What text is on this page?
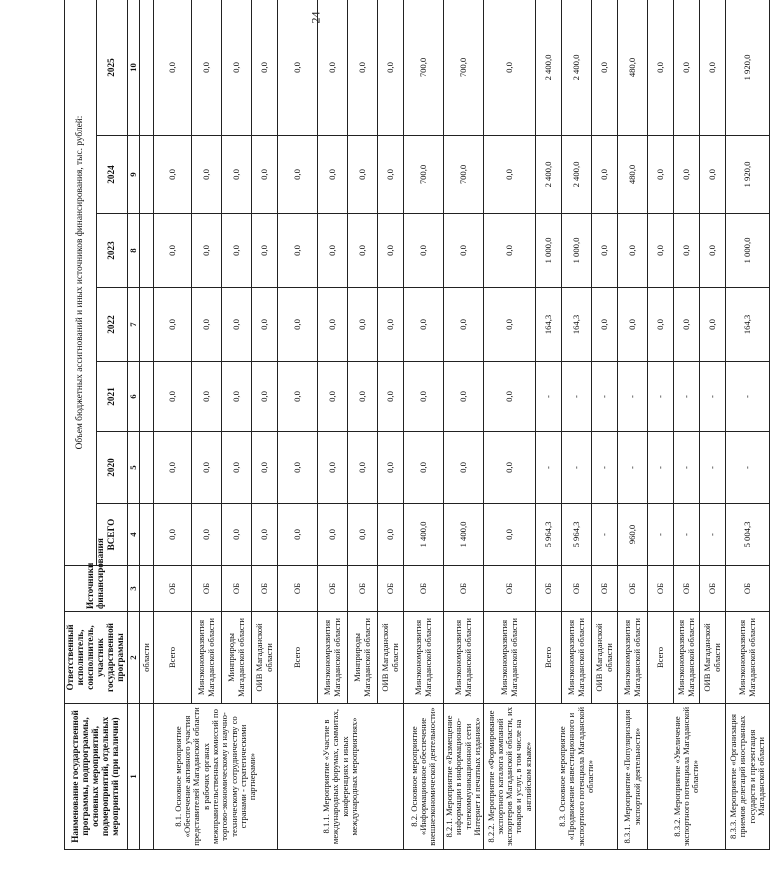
24
Наименование государственной программы, подпрограммы, основных мероприятий, подмероприятий, отдельных мероприятий (при наличии)	Ответственный исполнитель, соисполнитель, участник государственной программы	Источники финансирования	Объем бюджетных ассигнований и иных источников финансирования, тыс. рублей:						
			ВСЕГО	2020	2021	2022	2023	2024	2025
1	2	3	4	5	6	7	8	9	10
	области								
8.1. Основное мероприятие «Обеспечение активного участия представителей Магаданской области в рабочих органах межправительственных комиссий по торгово-экономическому и научно-техническому сотрудничеству со странами - стратегическими партнерами»	Всего	ОБ	0,0	0,0	0,0	0,0	0,0	0,0	0,0
	Минэкономразвития Магаданской области	ОБ	0,0	0,0	0,0	0,0	0,0	0,0	0,0
	Минприроды Магаданской области	ОБ	0,0	0,0	0,0	0,0	0,0	0,0	0,0
	ОИВ Магаданской области	ОБ	0,0	0,0	0,0	0,0	0,0	0,0	0,0
8.1.1. Мероприятие «Участие в международных форумах, саммитах, конференциях и иных международных мероприятиях»	Всего	ОБ	0,0	0,0	0,0	0,0	0,0	0,0	0,0
	Минэкономразвития Магаданской области	ОБ	0,0	0,0	0,0	0,0	0,0	0,0	0,0
	Минприроды Магаданской области	ОБ	0,0	0,0	0,0	0,0	0,0	0,0	0,0
	ОИВ Магаданской области	ОБ	0,0	0,0	0,0	0,0	0,0	0,0	0,0
8.2. Основное мероприятие «Информационное обеспечение внешнеэкономической деятельности»	Минэкономразвития Магаданской области	ОБ	1 400,0	0,0	0,0	0,0	0,0	700,0	700,0
8.2.1. Мероприятие «Размещение информации в информационно-телекоммуникационной сети Интернет и печатных изданиях»	Минэкономразвития Магаданской области	ОБ	1 400,0	0,0	0,0	0,0	0,0	700,0	700,0
8.2.2. Мероприятие «Формирование экспортного каталога компаний экспортеров Магаданской области, их товаров и услуг, в том числе на английском языке»	Минэкономразвития Магаданской области	ОБ	0,0	0,0	0,0	0,0	0,0	0,0	0,0
8.3. Основное мероприятие «Продвижение инвестиционного и экспортного потенциала Магаданской области»	Всего	ОБ	5 964,3	-	-	164,3	1 000,0	2 400,0	2 400,0
	Минэкономразвития Магаданской области	ОБ	5 964,3	-	-	164,3	1 000,0	2 400,0	2 400,0
	ОИВ Магаданской области	ОБ	-	-	-	0,0	0,0	0,0	0,0
8.3.1. Мероприятие «Популяризация экспортной деятельности»	Минэкономразвития Магаданской области	ОБ	960,0	-	-	0,0	0,0	480,0	480,0
8.3.2. Мероприятие «Увеличение экспортного потенциала Магаданской области»	Всего	ОБ	-	-	-	0,0	0,0	0,0	0,0
	Минэкономразвития Магаданской области	ОБ	-	-	-	0,0	0,0	0,0	0,0
	ОИВ Магаданской области	ОБ	-	-	-	0,0	0,0	0,0	0,0
8.3.3. Мероприятие «Организация приемов делегаций иностранных государств и презентация Магаданской области	Минэкономразвития Магаданской области	ОБ	5 004,3	-	-	164,3	1 000,0	1 920,0	1 920,0
